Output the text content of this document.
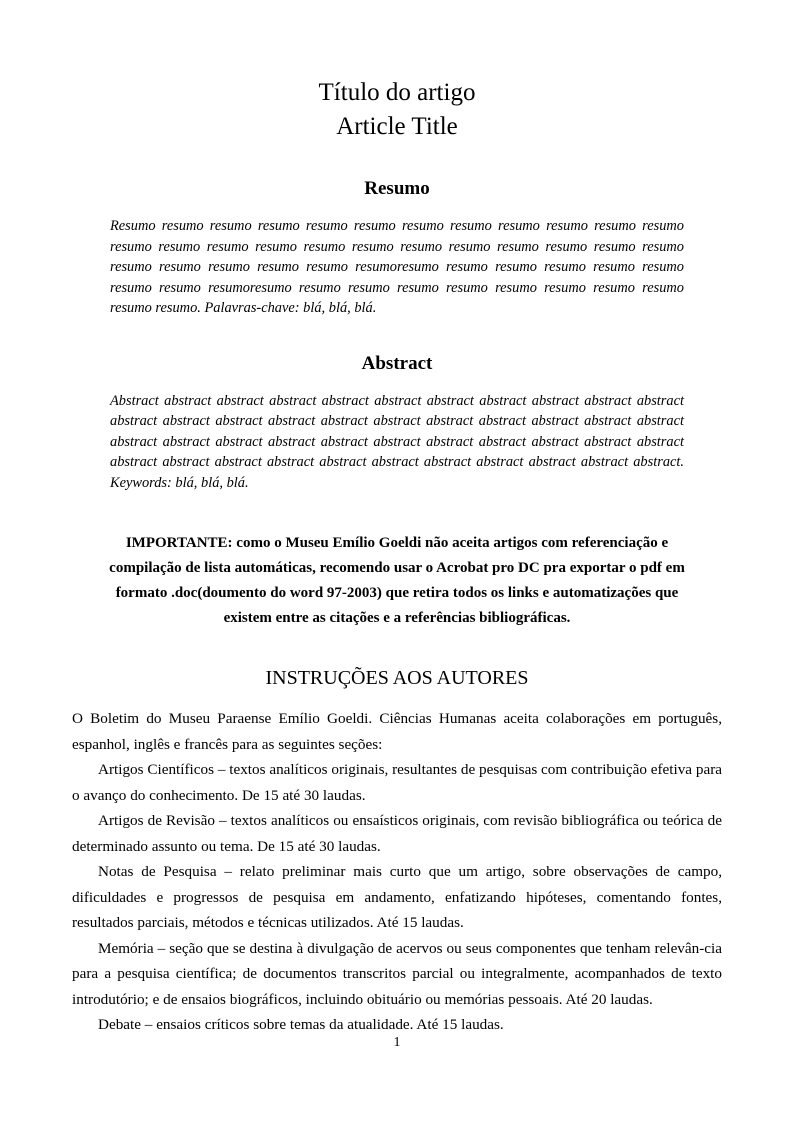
Título do artigo
Article Title
Resumo

Resumo resumo resumo resumo resumo resumo resumo resumo resumo resumo resumo resumo resumo resumo resumo resumo resumo resumo resumo resumo resumo resumo resumo resumo resumo resumo resumo resumo resumo resumoresumo resumo resumo resumo resumo resumo resumo resumo resumoresumo resumo resumo resumo resumo resumo resumo resumo resumo resumo resumo. Palavras-chave: blá, blá, blá.

Abstract

Abstract abstract abstract abstract abstract abstract abstract abstract abstract abstract abstract abstract abstract abstract abstract abstract abstract abstract abstract abstract abstract abstract abstract abstract abstract abstract abstract abstract abstract abstract abstract abstract abstract abstract abstract abstract abstract abstract abstract abstract abstract abstract abstract abstract. Keywords: blá, blá, blá.

IMPORTANTE: como o Museu Emílio Goeldi não aceita artigos com referenciação e compilação de lista automáticas, recomendo usar o Acrobat pro DC pra exportar o pdf em formato .doc(doumento do word 97-2003) que retira todos os links e automatizações que existem entre as citações e a referências bibliográficas.
INSTRUÇÕES AOS AUTORES

O Boletim do Museu Paraense Emílio Goeldi. Ciências Humanas aceita colaborações em português, espanhol, inglês e francês para as seguintes seções:

Artigos Científicos – textos analíticos originais, resultantes de pesquisas com contribuição efetiva para o avanço do conhecimento. De 15 até 30 laudas.

Artigos de Revisão – textos analíticos ou ensaísticos originais, com revisão bibliográfica ou teórica de determinado assunto ou tema. De 15 até 30 laudas.

Notas de Pesquisa – relato preliminar mais curto que um artigo, sobre observações de campo, dificuldades e progressos de pesquisa em andamento, enfatizando hipóteses, comentando fontes, resultados parciais, métodos e técnicas utilizados. Até 15 laudas.

Memória – seção que se destina à divulgação de acervos ou seus componentes que tenham relevân-cia para a pesquisa científica; de documentos transcritos parcial ou integralmente, acompanhados de texto introdutório; e de ensaios biográficos, incluindo obituário ou memórias pessoais. Até 20 laudas.

Debate – ensaios críticos sobre temas da atualidade. Até 15 laudas.

1
